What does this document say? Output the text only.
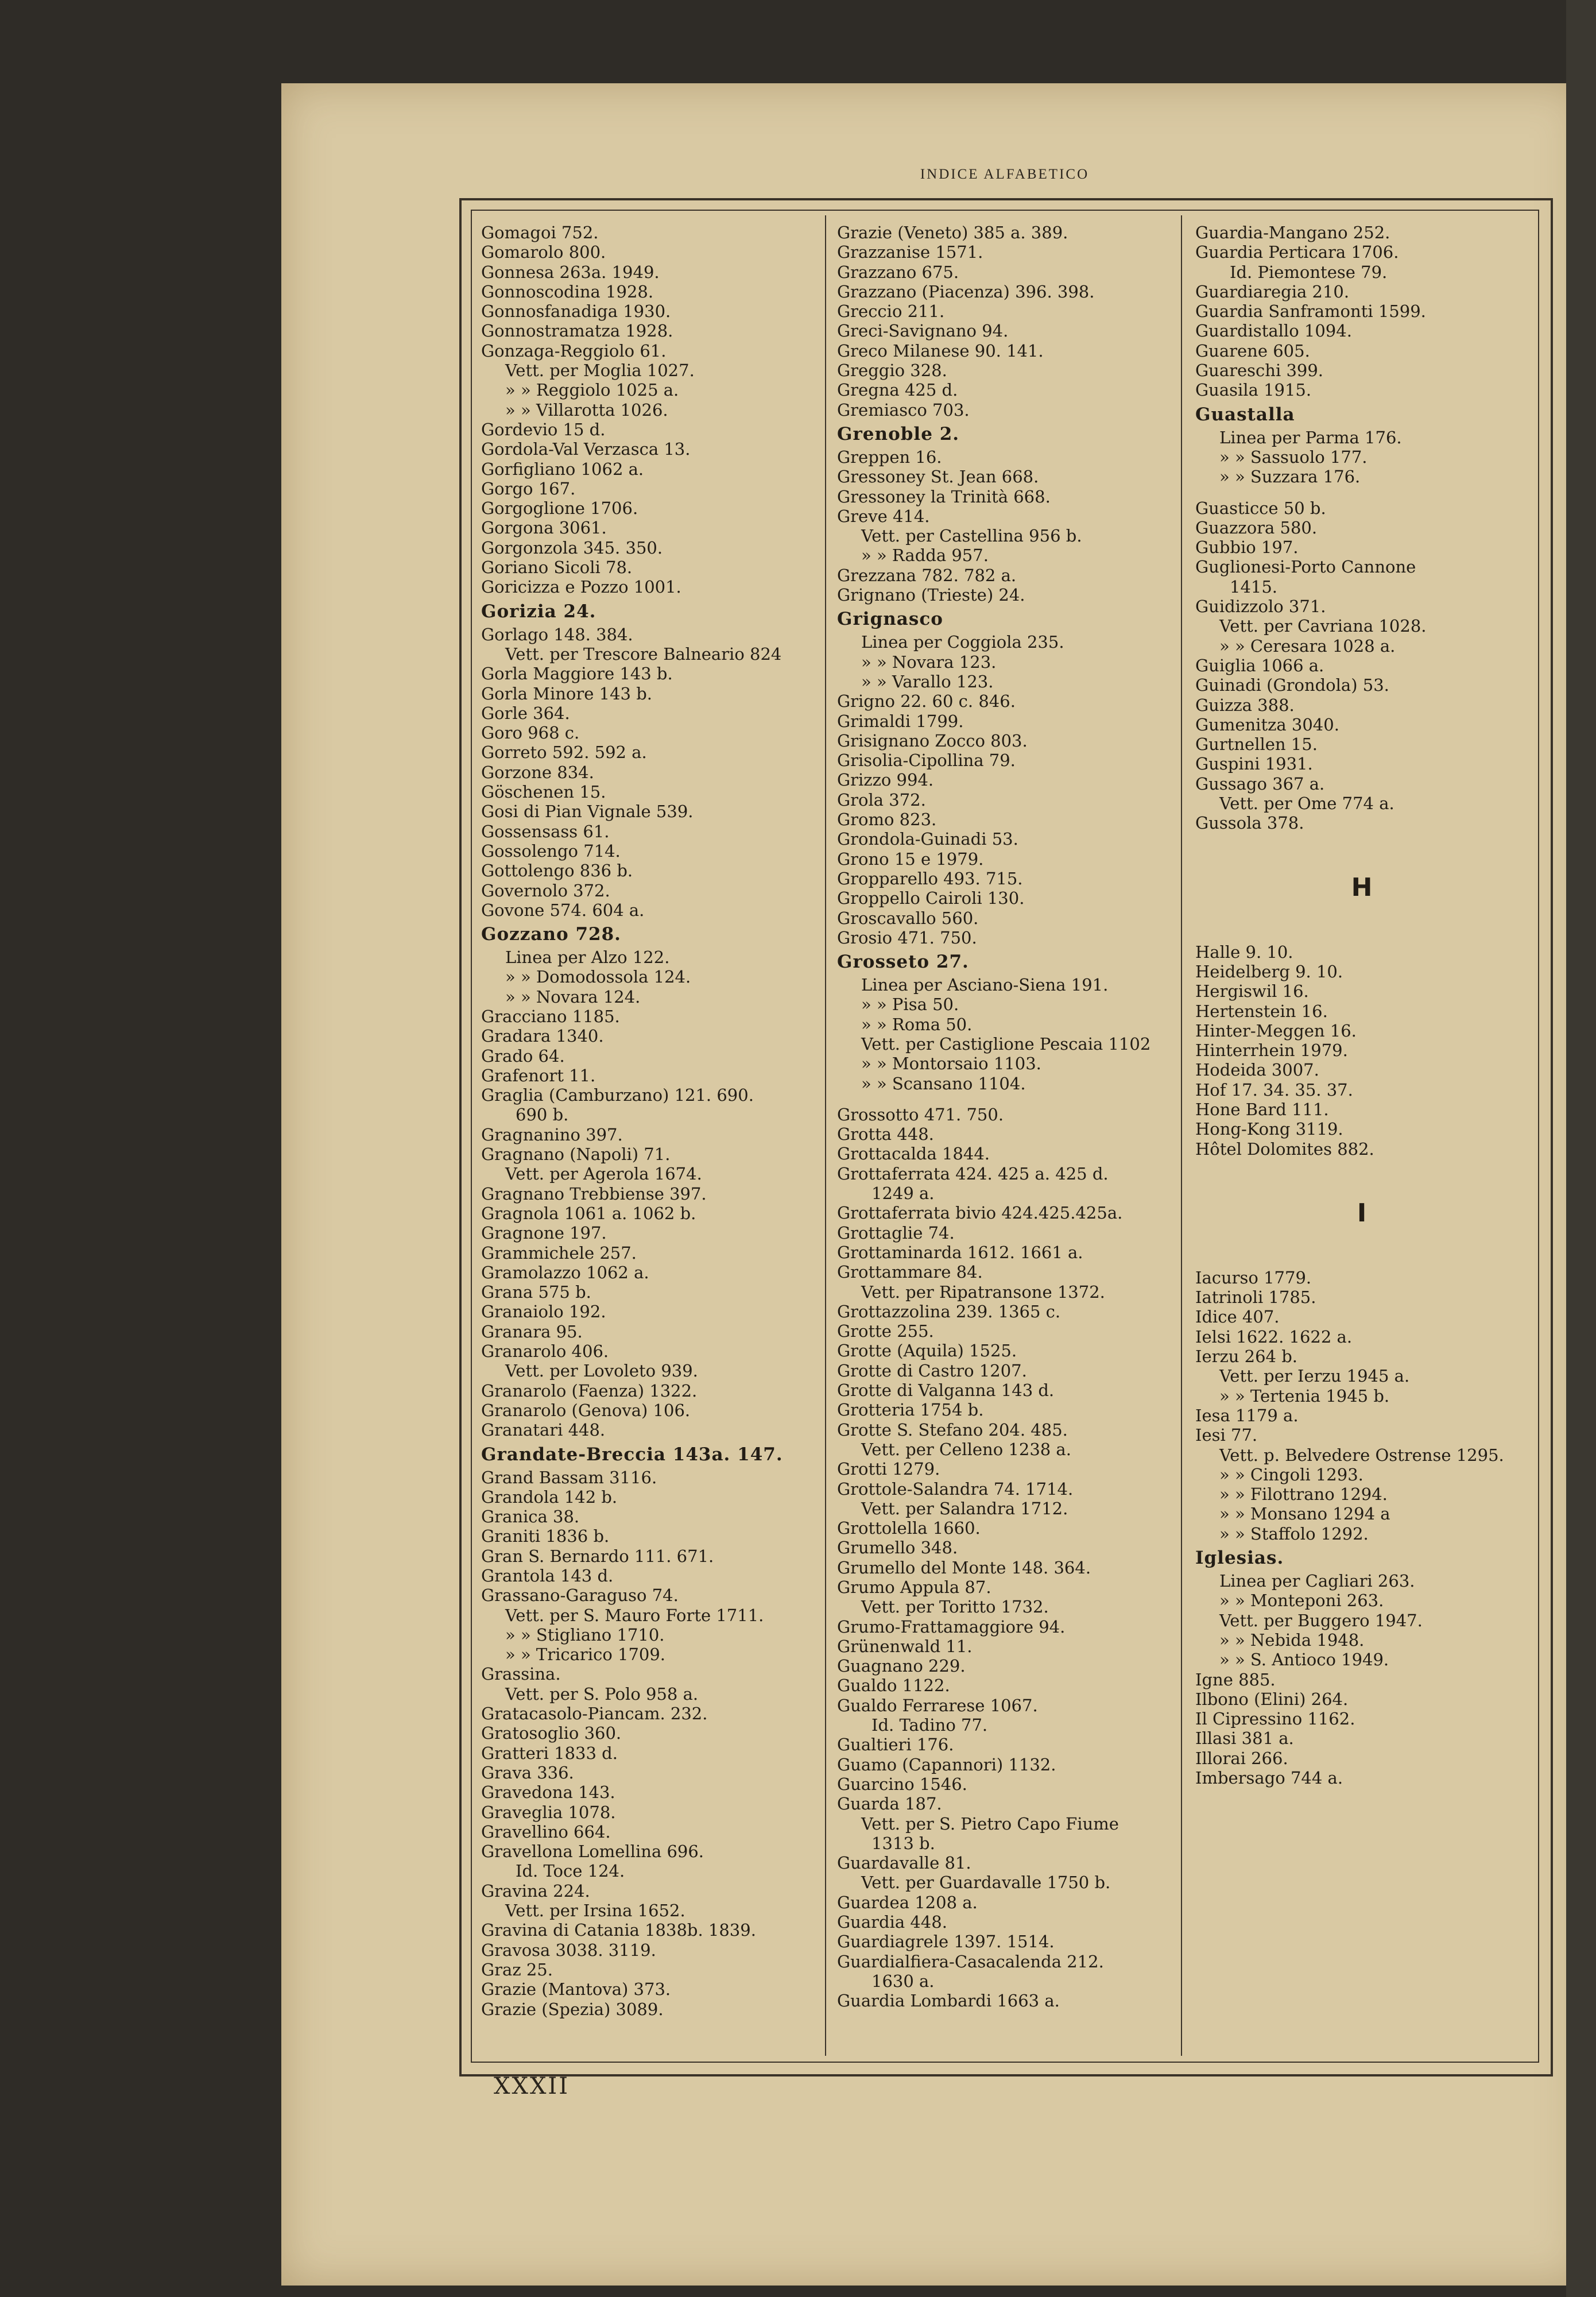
INDICE ALFABETICO
Gomagoi 752.
Gomarolo 800.
Gonnesa 263a. 1949.
Gonnoscodina 1928.
Gonnosfanadiga 1930.
Gonnostramatza 1928.
Gonzaga-Reggiolo 61.
Vett. per Moglia 1027.
» » Reggiolo 1025 a.
» » Villarotta 1026.
Gordevio 15 d.
Gordola-Val Verzasca 13.
Gorfigliano 1062 a.
Gorgo 167.
Gorgoglione 1706.
Gorgona 3061.
Gorgonzola 345. 350.
Goriano Sicoli 78.
Goricizza e Pozzo 1001.
Gorizia 24.
Gorlago 148. 384.
Vett. per Trescore Balneario 824
Gorla Maggiore 143 b.
Gorla Minore 143 b.
Gorle 364.
Goro 968 c.
Gorreto 592. 592 a.
Gorzone 834.
Göschenen 15.
Gosi di Pian Vignale 539.
Gossensass 61.
Gossolengo 714.
Gottolengo 836 b.
Governolo 372.
Govone 574. 604 a.
Gozzano 728.
Linea per Alzo 122.
» » Domodossola 124.
» » Novara 124.
Gracciano 1185.
Gradara 1340.
Grado 64.
Grafenort 11.
Graglia (Camburzano) 121. 690.
690 b.
Gragnanino 397.
Gragnano (Napoli) 71.
Vett. per Agerola 1674.
Gragnano Trebbiense 397.
Gragnola 1061 a. 1062 b.
Gragnone 197.
Grammichele 257.
Gramolazzo 1062 a.
Grana 575 b.
Granaiolo 192.
Granara 95.
Granarolo 406.
Vett. per Lovoleto 939.
Granarolo (Faenza) 1322.
Granarolo (Genova) 106.
Granatari 448.
Grandate-Breccia 143a. 147.
Grand Bassam 3116.
Grandola 142 b.
Granica 38.
Graniti 1836 b.
Gran S. Bernardo 111. 671.
Grantola 143 d.
Grassano-Garaguso 74.
Vett. per S. Mauro Forte 1711.
» » Stigliano 1710.
» » Tricarico 1709.
Grassina.
Vett. per S. Polo 958 a.
Gratacasolo-Piancam. 232.
Gratosoglio 360.
Gratteri 1833 d.
Grava 336.
Gravedona 143.
Graveglia 1078.
Gravellino 664.
Gravellona Lomellina 696.
Id. Toce 124.
Gravina 224.
Vett. per Irsina 1652.
Gravina di Catania 1838b. 1839.
Gravosa 3038. 3119.
Graz 25.
Grazie (Mantova) 373.
Grazie (Spezia) 3089.
Grazie (Veneto) 385 a. 389.
Grazzanise 1571.
Grazzano 675.
Grazzano (Piacenza) 396. 398.
Greccio 211.
Greci-Savignano 94.
Greco Milanese 90. 141.
Greggio 328.
Gregna 425 d.
Gremiasco 703.
Grenoble 2.
Greppen 16.
Gressoney St. Jean 668.
Gressoney la Trinità 668.
Greve 414.
Vett. per Castellina 956 b.
» » Radda 957.
Grezzana 782. 782 a.
Grignano (Trieste) 24.
Grignasco
Linea per Coggiola 235.
» » Novara 123.
» » Varallo 123.
Grigno 22. 60 c. 846.
Grimaldi 1799.
Grisignano Zocco 803.
Grisolia-Cipollina 79.
Grizzo 994.
Grola 372.
Gromo 823.
Grondola-Guinadi 53.
Grono 15 e 1979.
Gropparello 493. 715.
Groppello Cairoli 130.
Groscavallo 560.
Grosio 471. 750.
Grosseto 27.
Linea per Asciano-Siena 191.
» » Pisa 50.
» » Roma 50.
Vett. per Castiglione Pescaia 1102
» » Montorsaio 1103.
» » Scansano 1104.
Grossotto 471. 750.
Grotta 448.
Grottacalda 1844.
Grottaferrata 424. 425 a. 425 d.
1249 a.
Grottaferrata bivio 424.425.425a.
Grottaglie 74.
Grottaminarda 1612. 1661 a.
Grottammare 84.
Vett. per Ripatransone 1372.
Grottazzolina 239. 1365 c.
Grotte 255.
Grotte (Aquila) 1525.
Grotte di Castro 1207.
Grotte di Valganna 143 d.
Grotteria 1754 b.
Grotte S. Stefano 204. 485.
Vett. per Celleno 1238 a.
Grotti 1279.
Grottole-Salandra 74. 1714.
Vett. per Salandra 1712.
Grottolella 1660.
Grumello 348.
Grumello del Monte 148. 364.
Grumo Appula 87.
Vett. per Toritto 1732.
Grumo-Frattamaggiore 94.
Grünenwald 11.
Guagnano 229.
Gualdo 1122.
Gualdo Ferrarese 1067.
Id. Tadino 77.
Gualtieri 176.
Guamo (Capannori) 1132.
Guarcino 1546.
Guarda 187.
Vett. per S. Pietro Capo Fiume
1313 b.
Guardavalle 81.
Vett. per Guardavalle 1750 b.
Guardea 1208 a.
Guardia 448.
Guardiagrele 1397. 1514.
Guardialfiera-Casacalenda 212.
1630 a.
Guardia Lombardi 1663 a.
Guardia-Mangano 252.
Guardia Perticara 1706.
Id. Piemontese 79.
Guardiaregia 210.
Guardia Sanframonti 1599.
Guardistallo 1094.
Guarene 605.
Guareschi 399.
Guasila 1915.
Guastalla
Linea per Parma 176.
» » Sassuolo 177.
» » Suzzara 176.
Guasticce 50 b.
Guazzora 580.
Gubbio 197.
Guglionesi-Porto Cannone
1415.
Guidizzolo 371.
Vett. per Cavriana 1028.
» » Ceresara 1028 a.
Guiglia 1066 a.
Guinadi (Grondola) 53.
Guizza 388.
Gumenitza 3040.
Gurtnellen 15.
Guspini 1931.
Gussago 367 a.
Vett. per Ome 774 a.
Gussola 378.
H
Halle 9. 10.
Heidelberg 9. 10.
Hergiswil 16.
Hertenstein 16.
Hinter-Meggen 16.
Hinterrhein 1979.
Hodeida 3007.
Hof 17. 34. 35. 37.
Hone Bard 111.
Hong-Kong 3119.
Hôtel Dolomites 882.
I
Iacurso 1779.
Iatrinoli 1785.
Idice 407.
Ielsi 1622. 1622 a.
Ierzu 264 b.
Vett. per Ierzu 1945 a.
» » Tertenia 1945 b.
Iesa 1179 a.
Iesi 77.
Vett. p. Belvedere Ostrense 1295.
» » Cingoli 1293.
» » Filottrano 1294.
» » Monsano 1294 a
» » Staffolo 1292.
Iglesias.
Linea per Cagliari 263.
» » Monteponi 263.
Vett. per Buggero 1947.
» » Nebida 1948.
» » S. Antioco 1949.
Igne 885.
Ilbono (Elini) 264.
Il Cipressino 1162.
Illasi 381 a.
Illorai 266.
Imbersago 744 a.
XXXII
